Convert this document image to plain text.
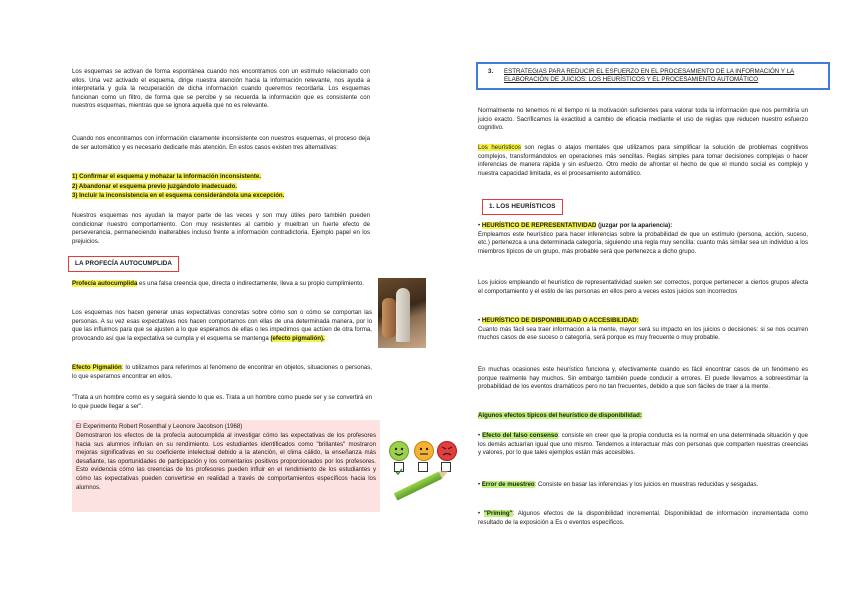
Los esquemas se activan de forma espontánea cuando nos encontramos con un estímulo relacionado con ellos. Una vez activado el esquema, dirige nuestra atención hacia la información relevante, nos ayuda a interpretarla y guía la recuperación de dicha información cuando queremos recordarla. Los esquemas funcionan como un filtro, de forma que se percibe y se recuerda la información que es consistente con nuestros esquemas, mientras que se ignora aquella que no es relevante.

Cuando nos encontramos con información claramente inconsistente con nuestros esquemas, el proceso deja de ser automático y es necesario dedicarle más atención. En estos casos existen tres alternativas:

1) Confirmar el esquema y mohazar la información inconsistente.
2) Abandonar el esquema previo juzgándolo inadecuado.
3) Incluir la inconsistencia en el esquema considerándola una excepción.

Nuestros esquemas nos ayudan la mayor parte de las veces y son muy útiles pero también pueden condicionar nuestro comportamiento. Con muy resistentes al cambio y mueltran un fuerte efecto de perseverancia, permaneciendo inalterables incluso frente a información contradictoria. Ejemplo papel en los prejuicios.

LA PROFECÍA AUTOCUMPLIDA

Profecía autocumplida es una falsa creencia que, directa o indirectamente, lleva a su propio cumplimiento.

Los esquemas nos hacen generar unas expectativas concretas sobre cómo son o cómo se comportan las personas. A su vez esas expectativas nos hacen comportarnos con ellas de una determinada manera, por lo que las influimos para que se ajusten a lo que esperamos de ellas o les impedimos que actúen de otra forma, provocando así que la expectativa se cumpla y el esquema se mantenga (efecto pigmalión).

Efecto Pigmalión: lo utilizamos para referirnos al fenómeno de encontrar en objetos, situaciones o personas, lo que esperamos encontrar en ellos.

"Trata a un hombre como es y seguirá siendo lo que es. Trata a un hombre como puede ser y se convertirá en lo que puede llegar a ser".

El Experimento Robert Rosenthal y Leonore Jacobson (1968)
Demostraron los efectos de la profecía autocumplida al investigar cómo las expectativas de los profesores hacia sus alumnos influían en su rendimiento. Los estudiantes identificados como "brillantes" mostraron mejoras significativas en su coeficiente intelectual debido a la atención, el clima cálido, la enseñanza más desafiante, las oportunidades de participación y los comentarios positivos proporcionados por los profesores. Esto evidencia cómo las creencias de los profesores pueden influir en el rendimiento de los estudiantes y cómo las expectativas pueden convertirse en realidad a través de comportamientos específicos hacia los alumnos.
3. ESTRATEGIAS PARA REDUCIR EL ESFUERZO EN EL PROCESAMIENTO DE LA INFORMACIÓN Y LA ELABORACIÓN DE JUICIOS: LOS HEURÍSTICOS Y EL PROCESAMIENTO AUTOMÁTICO

Normalmente no tenemos ni el tiempo ni la motivación suficientes para valorar toda la información que nos permitiría un juicio exacto. Sacrificamos la exactitud a cambio de eficacia mediante el uso de reglas que reducen nuestro esfuerzo cognitivo.

Los heurísticos son reglas o atajos mentales que utilizamos para simplificar la solución de problemas cognitivos complejos, transformándolos en operaciones más sencillas. Reglas simples para tomar decisiones complejas o hacer inferencias de manera rápida y sin esfuerzo. Otro medio de afrontar el hecho de que el mundo social es complejo y nuestra capacidad limitada, es el procesamiento automático.

1. LOS HEURÍSTICOS

• HEURÍSTICO DE REPRESENTATIVIDAD (juzgar por la apariencia):
Empleamos este heurístico para hacer inferencias sobre la probabilidad de que un estímulo (persona, acción, suceso, etc.) pertenezca a una determinada categoría, siguiendo una regla muy sencilla: cuanto más similar sea un individuo a los miembros típicos de un grupo, más probable será que pertenezca a dicho grupo.

Los juicios empleando el heurístico de representatividad suelen ser correctos, porque pertenecer a ciertos grupos afecta el comportamiento y el estilo de las personas en ellos pero a veces estos juicios son incorrectos

• HEURÍSTICO DE DISPONIBILIDAD O ACCESIBILIDAD:
Cuanto más fácil sea traer información a la mente, mayor será su impacto en los juicios o decisiones: si se nos ocurren muchos casos de ese suceso o categoría, será porque es muy frecuente o muy probable.

En muchas ocasiones este heurístico funciona y, efectivamente cuando es fácil encontrar casos de un fenómeno es porque realmente hay muchos. Sin embargo también puede conducir a errores. El puede llevarnos a sobreestimar la probabilidad de los eventos dramáticos pero no tan frecuentes, debido a que son fáciles de traer a la mente.

Algunos efectos típicos del heurístico de disponibilidad:

• Efecto del falso consenso: consiste en creer que la propia conducta es la normal en una determinada situación y que los demás actuarían igual que uno mismo. Tendemos a interactuar más con personas que comparten nuestras creencias y valores, por lo que tales ejemplos están más accesibles.

• Error de muestreo: Consiste en basar las inferencias y los juicios en muestras reducidas y sesgadas.

• "Priming": Algunos efectos de la disponibilidad incremental. Disponibilidad de información incrementada como resultado de la exposición a Es o eventos específicos.
